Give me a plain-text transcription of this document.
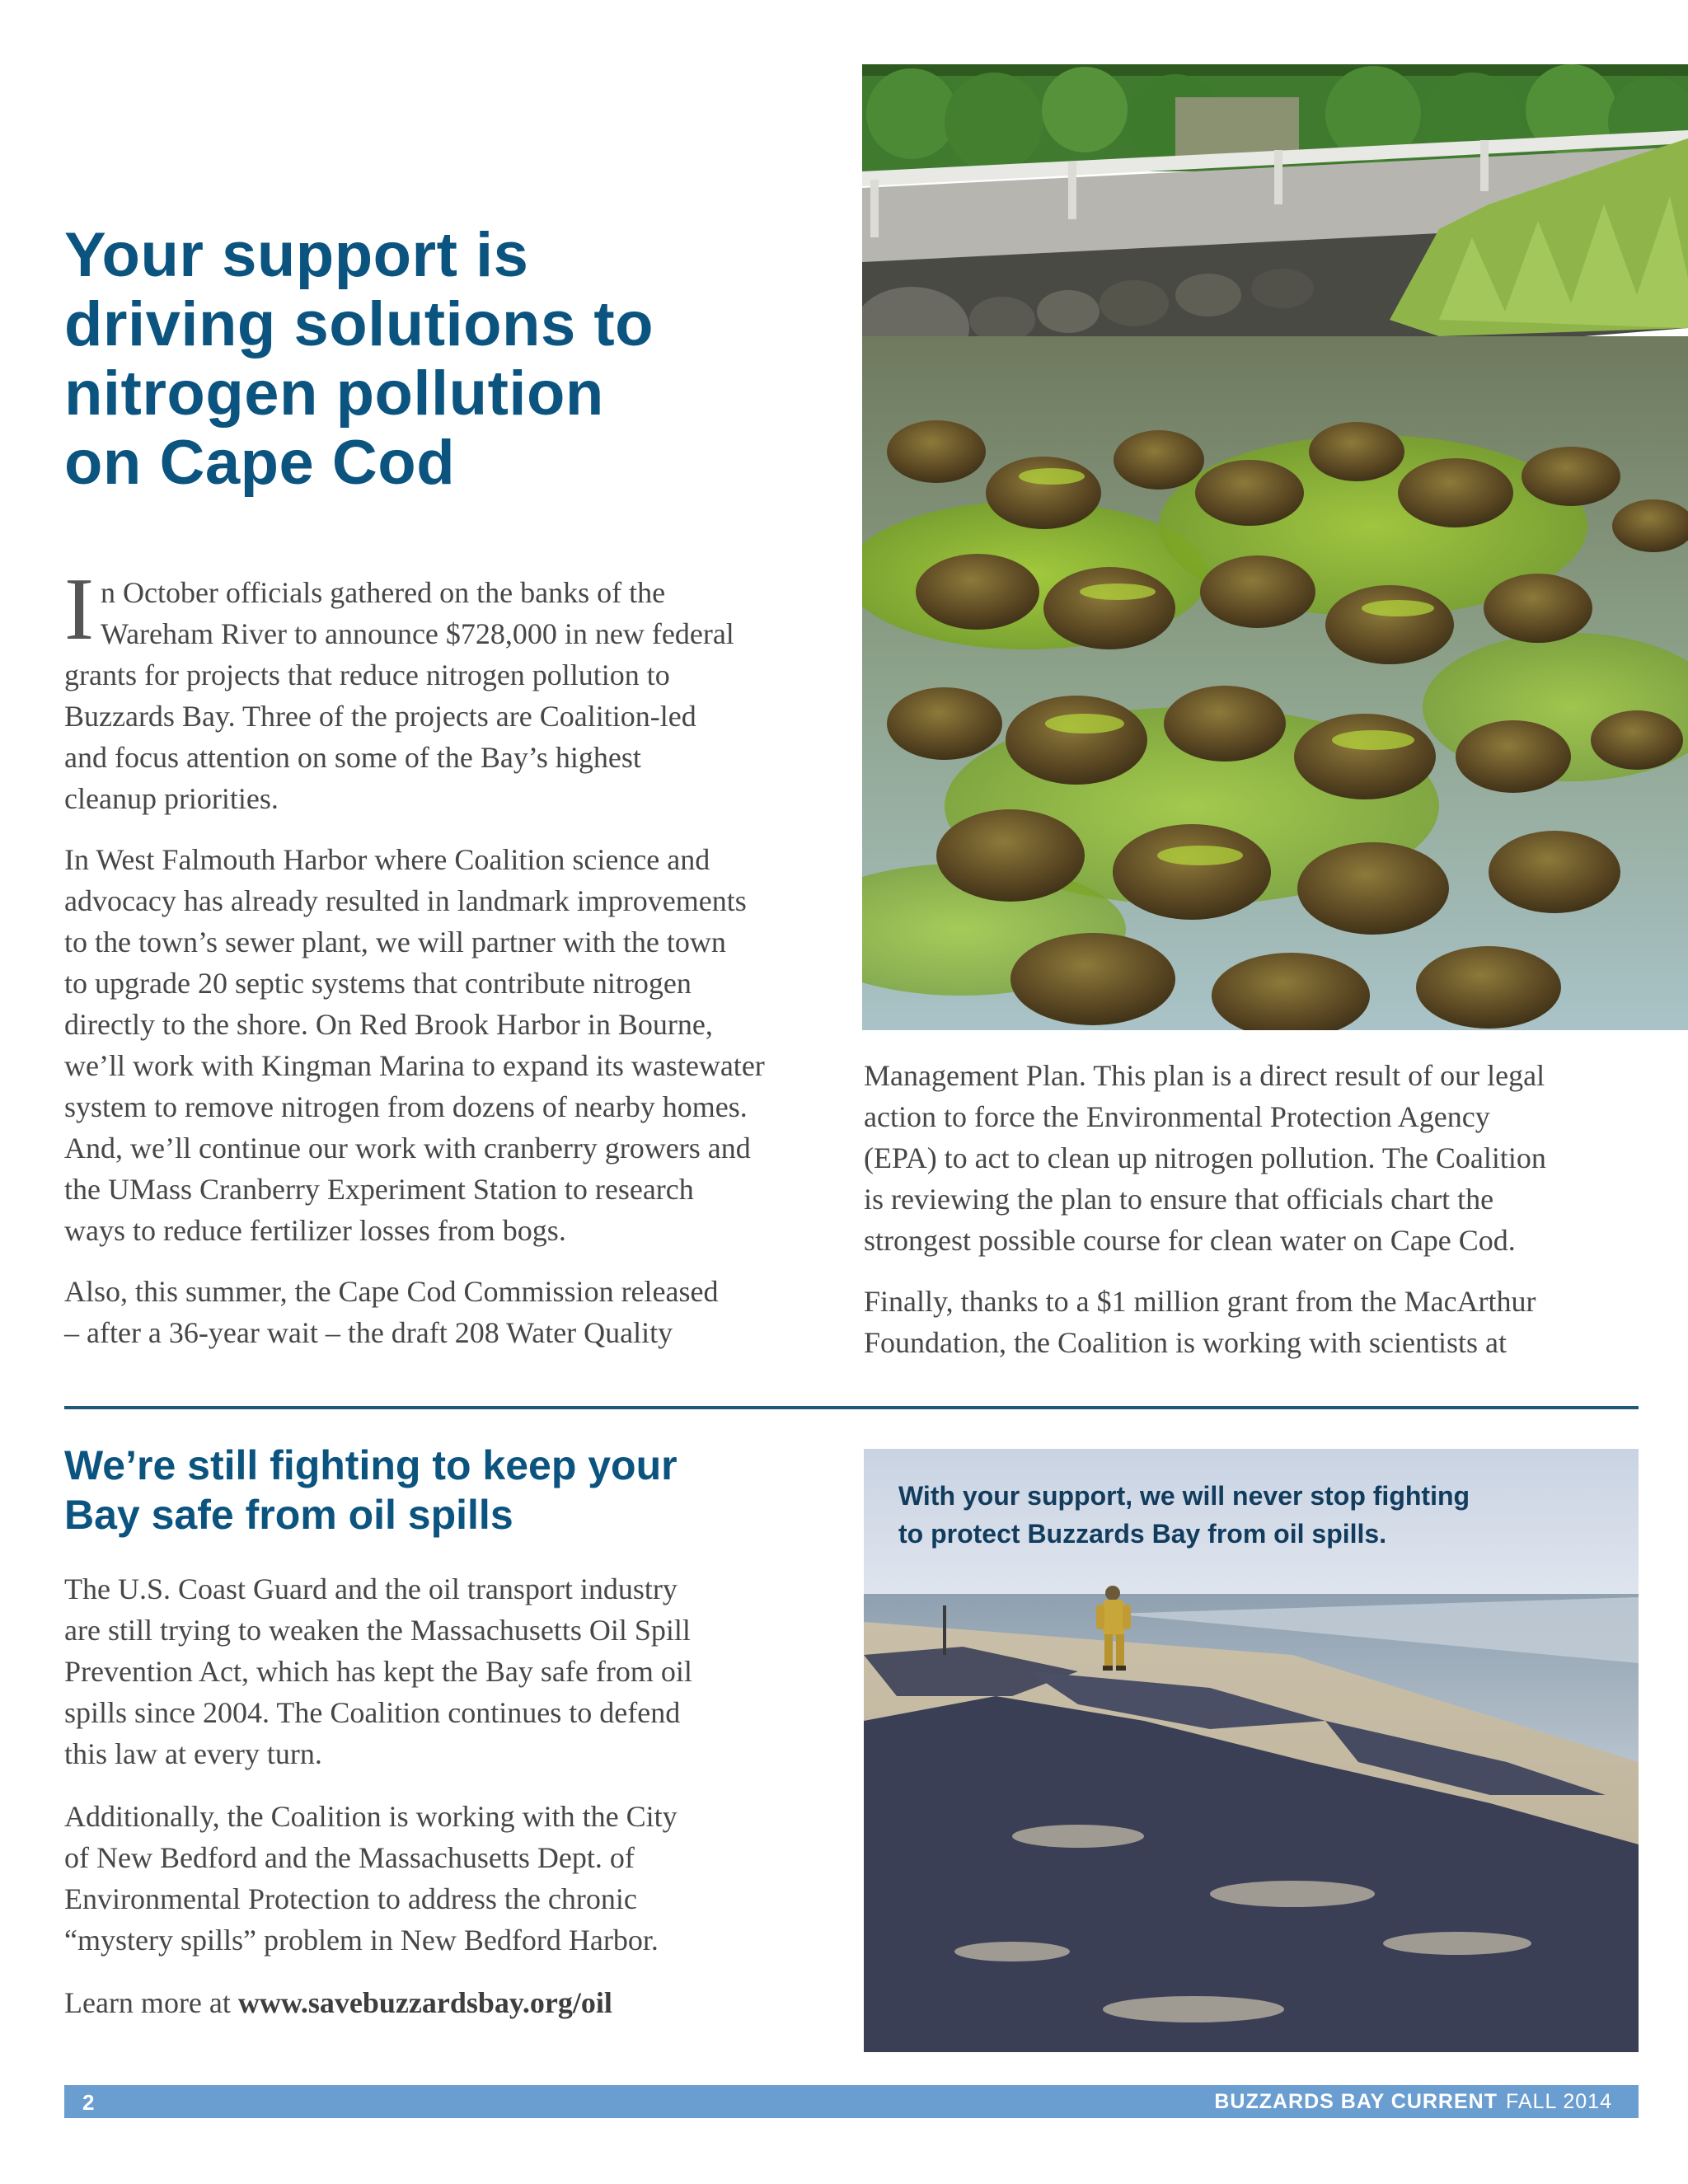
Your support is
driving solutions to
nitrogen pollution
on Cape Cod

I n October officials gathered on the banks of the
Wareham River to announce $728,000 in new federal
grants for projects that reduce nitrogen pollution to
Buzzards Bay. Three of the projects are Coalition-led
and focus attention on some of the Bay’s highest
cleanup priorities.

In West Falmouth Harbor where Coalition science and
advocacy has already resulted in landmark improvements
to the town’s sewer plant, we will partner with the town
to upgrade 20 septic systems that contribute nitrogen
directly to the shore. On Red Brook Harbor in Bourne,
we’ll work with Kingman Marina to expand its wastewater
system to remove nitrogen from dozens of nearby homes.
And, we’ll continue our work with cranberry growers and
the UMass Cranberry Experiment Station to research
ways to reduce fertilizer losses from bogs.

Also, this summer, the Cape Cod Commission released
– after a 36-year wait – the draft 208 Water Quality

Management Plan. This plan is a direct result of our legal
action to force the Environmental Protection Agency
(EPA) to act to clean up nitrogen pollution. The Coalition
is reviewing the plan to ensure that officials chart the
strongest possible course for clean water on Cape Cod.

Finally, thanks to a $1 million grant from the MacArthur
Foundation, the Coalition is working with scientists at

We’re still fighting to keep your
Bay safe from oil spills

The U.S. Coast Guard and the oil transport industry
are still trying to weaken the Massachusetts Oil Spill
Prevention Act, which has kept the Bay safe from oil
spills since 2004. The Coalition continues to defend
this law at every turn.

Additionally, the Coalition is working with the City
of New Bedford and the Massachusetts Dept. of
Environmental Protection to address the chronic
“mystery spills” problem in New Bedford Harbor.

Learn more at www.savebuzzardsbay.org/oil

With your support, we will never stop fighting
to protect Buzzards Bay from oil spills.

2	BUZZARDS BAY CURRENT FALL 2014
